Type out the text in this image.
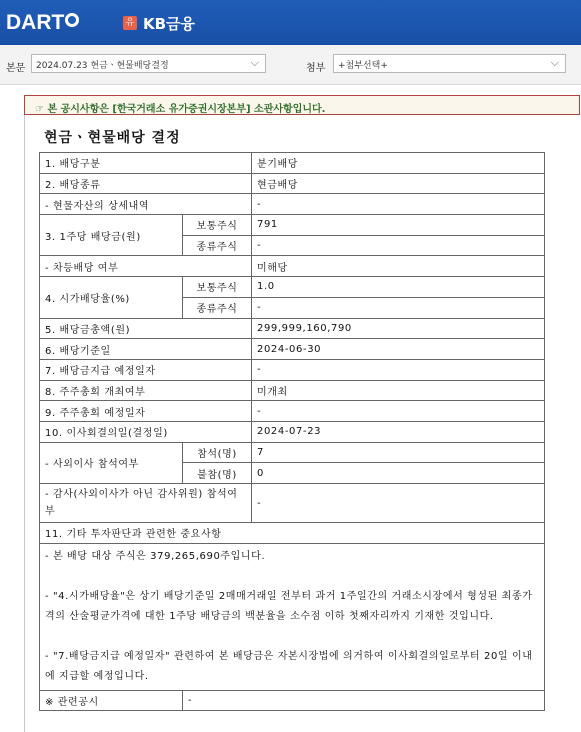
DART	유 KB금융
본문	2024.07.23 현금ㆍ현물배당결정	⌵	첨부	+첨부선택+	⌵
☞ 본 공시사항은 [한국거래소 유가증권시장본부] 소관사항입니다.
현금ㆍ현물배당 결정
1. 배당구분		분기배당
2. 배당종류		현금배당
- 현물자산의 상세내역		-
3. 1주당 배당금(원)	보통주식	791
	종류주식	-
- 차등배당 여부		미해당
4. 시가배당율(%)	보통주식	1.0
	종류주식	-
5. 배당금총액(원)		299,999,160,790
6. 배당기준일		2024-06-30
7. 배당금지급 예정일자		-
8. 주주총회 개최여부		미개최
9. 주주총회 예정일자		-
10. 이사회결의일(결정일)		2024-07-23
- 사외이사 참석여부	참석(명)	7
	불참(명)	0
- 감사(사외이사가 아닌 감사위원) 참석여부		-
11. 기타 투자판단과 관련한 중요사항		

- 본 배당 대상 주식은 379,265,690주입니다.

- "4.시가배당율"은 상기 배당기준일 2매매거래일 전부터 과거 1주일간의 거래소시장에서 형성된 최종가격의 산술평균가격에 대한 1주당 배당금의 백분율을 소수점 이하 첫째자리까지 기재한 것입니다.

- "7.배당금지급 예정일자" 관련하여 본 배당금은 자본시장법에 의거하여 이사회결의일로부터 20일 이내에 지급할 예정입니다.		

※ 관련공시	-	
